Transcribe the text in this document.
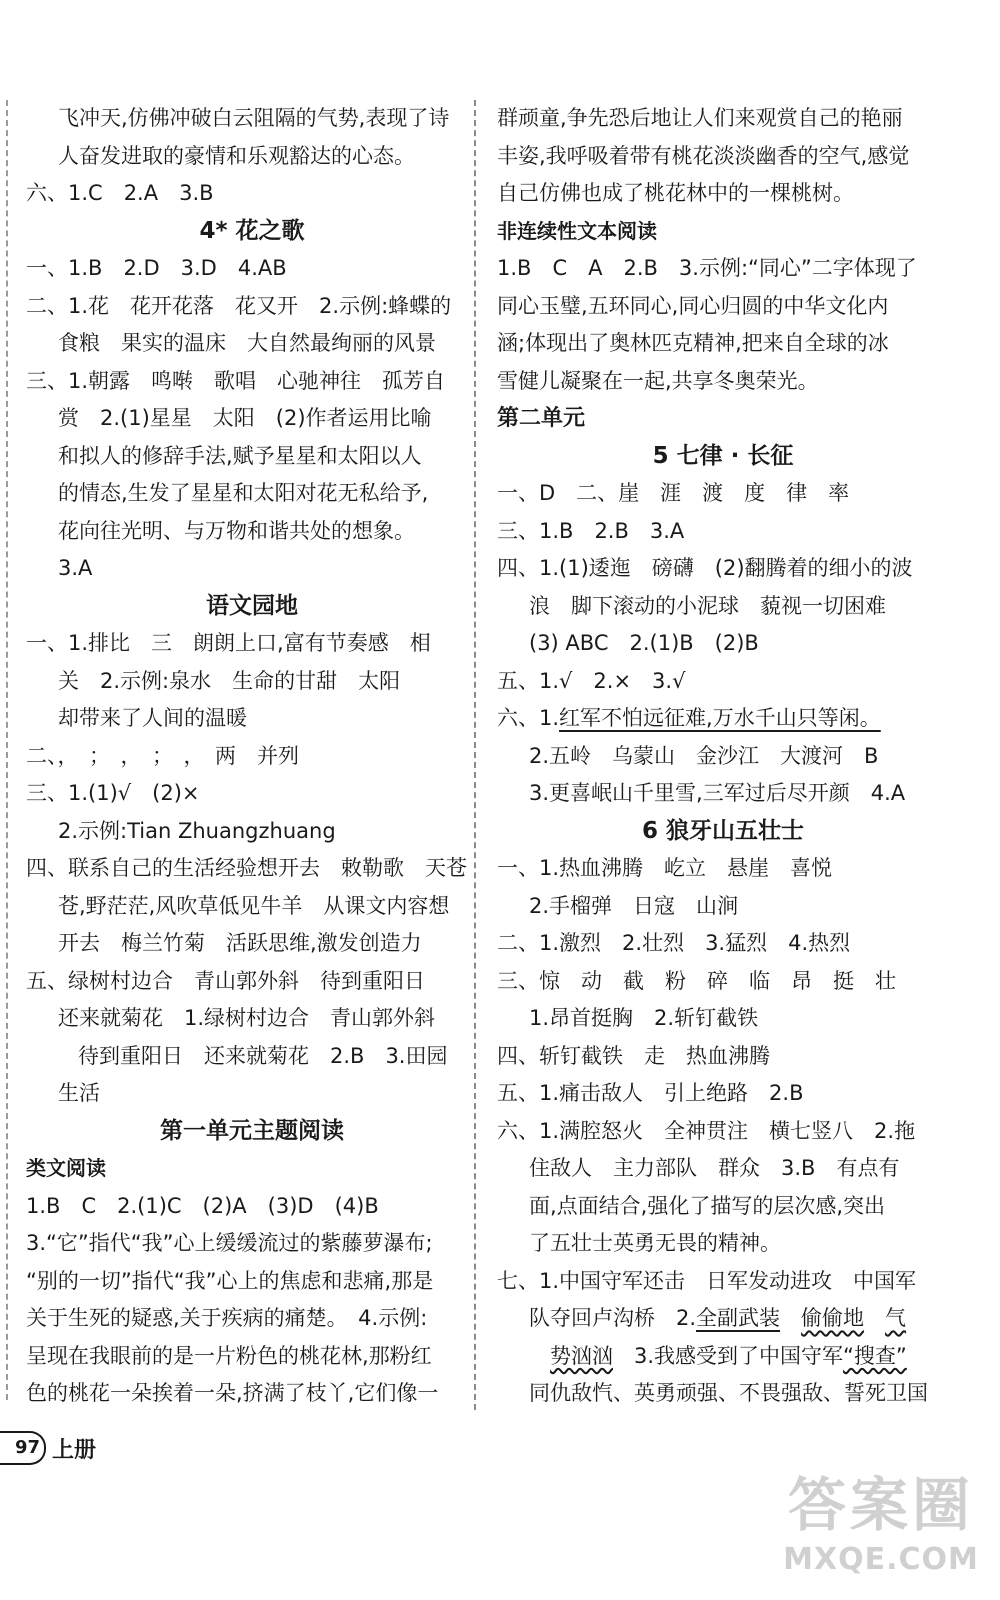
飞冲天,仿佛冲破白云阻隔的气势,表现了诗
人奋发进取的豪情和乐观豁达的心态。
六、1.C　2.A　3.B
4* 花之歌
一、1.B　2.D　3.D　4.AB
二、1.花　花开花落　花又开　2.示例:蜂蝶的
食粮　果实的温床　大自然最绚丽的风景
三、1.朝露　鸣啭　歌唱　心驰神往　孤芳自
赏　2.(1)星星　太阳　(2)作者运用比喻
和拟人的修辞手法,赋予星星和太阳以人
的情态,生发了星星和太阳对花无私给予,
花向往光明、与万物和谐共处的想象。
3.A
语文园地
一、1.排比　三　朗朗上口,富有节奏感　相
关　2.示例:泉水　生命的甘甜　太阳
却带来了人间的温暖
二、，　；　，　；　，　两　并列
三、1.(1)√　(2)×
2.示例:Tian Zhuangzhuang
四、联系自己的生活经验想开去　敕勒歌　天苍
苍,野茫茫,风吹草低见牛羊　从课文内容想
开去　梅兰竹菊　活跃思维,激发创造力
五、绿树村边合　青山郭外斜　待到重阳日
还来就菊花　1.绿树村边合　青山郭外斜
待到重阳日　还来就菊花　2.B　3.田园
生活
第一单元主题阅读
类文阅读
1.B　C　2.(1)C　(2)A　(3)D　(4)B
3.“它”指代“我”心上缓缓流过的紫藤萝瀑布;
“别的一切”指代“我”心上的焦虑和悲痛,那是
关于生死的疑惑,关于疾病的痛楚。　4.示例:
呈现在我眼前的是一片粉色的桃花林,那粉红
色的桃花一朵挨着一朵,挤满了枝丫,它们像一
群顽童,争先恐后地让人们来观赏自己的艳丽
丰姿,我呼吸着带有桃花淡淡幽香的空气,感觉
自己仿佛也成了桃花林中的一棵桃树。
非连续性文本阅读
1.B　C　A　2.B　3.示例:“同心”二字体现了
同心玉璧,五环同心,同心归圆的中华文化内
涵;体现出了奥林匹克精神,把来自全球的冰
雪健儿凝聚在一起,共享冬奥荣光。
第二单元
5 七律 · 长征
一、D　二、崖　涯　渡　度　律　率
三、1.B　2.B　3.A
四、1.(1)逶迤　磅礴　(2)翻腾着的细小的波
浪　脚下滚动的小泥球　藐视一切困难
(3) ABC　2.(1)B　(2)B
五、1.√　2.×　3.√
六、1.红军不怕远征难,万水千山只等闲。
2.五岭　乌蒙山　金沙江　大渡河　B
3.更喜岷山千里雪,三军过后尽开颜　4.A
6 狼牙山五壮士
一、1.热血沸腾　屹立　悬崖　喜悦
2.手榴弹　日寇　山涧
二、1.激烈　2.壮烈　3.猛烈　4.热烈
三、惊　动　截　粉　碎　临　昂　挺　壮
1.昂首挺胸　2.斩钉截铁
四、斩钉截铁　走　热血沸腾
五、1.痛击敌人　引上绝路　2.B
六、1.满腔怒火　全神贯注　横七竖八　2.拖
住敌人　主力部队　群众　3.B　有点有
面,点面结合,强化了描写的层次感,突出
了五壮士英勇无畏的精神。
七、1.中国守军还击　日军发动进攻　中国军
队夺回卢沟桥　2.全副武装　 偷偷地　 气
　势汹汹　3.我感受到了中国守军“搜查”
同仇敌忾、英勇顽强、不畏强敌、誓死卫国
97 上册
答案圈
MXQE.COM
